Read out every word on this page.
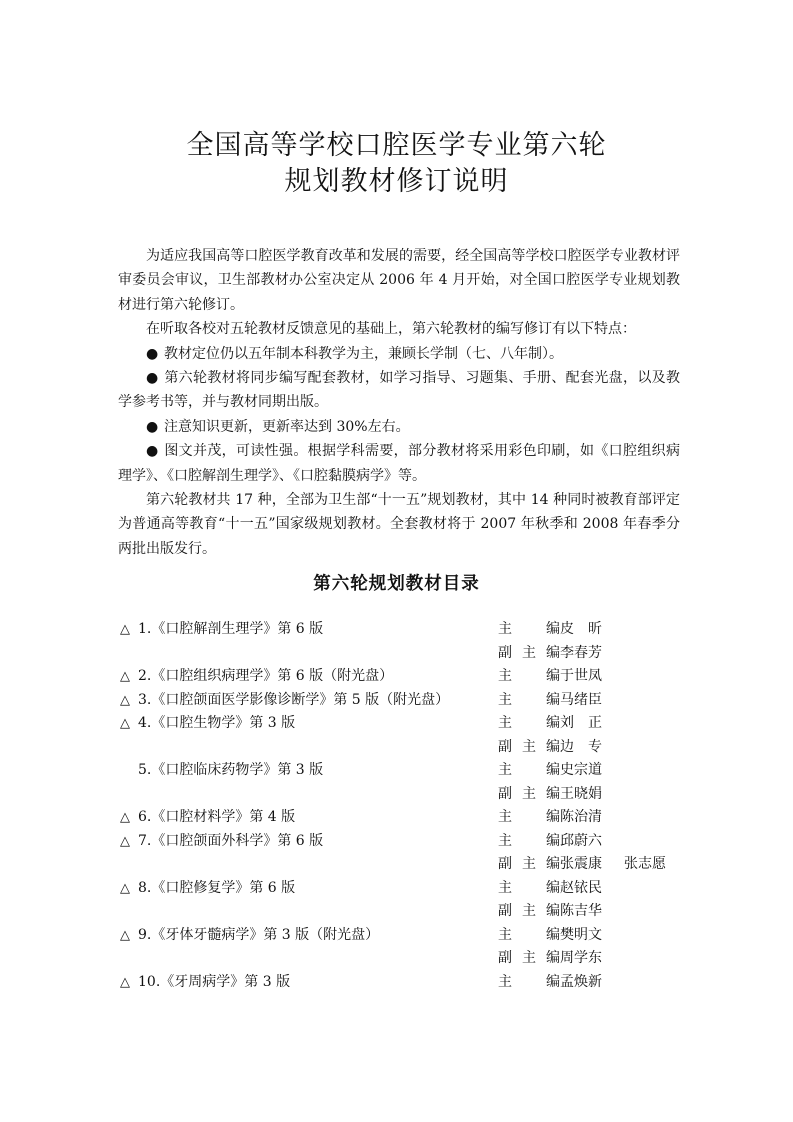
全国高等学校口腔医学专业第六轮
规划教材修订说明

为适应我国高等口腔医学教育改革和发展的需要，经全国高等学校口腔医学专业教材评审委员会审议，卫生部教材办公室决定从 2006 年 4 月开始，对全国口腔医学专业规划教材进行第六轮修订。

在听取各校对五轮教材反馈意见的基础上，第六轮教材的编写修订有以下特点：

● 教材定位仍以五年制本科教学为主，兼顾长学制（七、八年制）。

● 第六轮教材将同步编写配套教材，如学习指导、习题集、手册、配套光盘，以及教学参考书等，并与教材同期出版。

● 注意知识更新，更新率达到 30%左右。

● 图文并茂，可读性强。根据学科需要，部分教材将采用彩色印刷，如《口腔组织病理学》、《口腔解剖生理学》、《口腔黏膜病学》等。

第六轮教材共 17 种，全部为卫生部“十一五”规划教材，其中 14 种同时被教育部评定为普通高等教育“十一五”国家级规划教材。全套教材将于 2007 年秋季和 2008 年春季分两批出版发行。

第六轮规划教材目录
△ 1.《口腔解剖生理学》第 6 版	主　编 皮　昕
副主编 李春芳
△ 2.《口腔组织病理学》第 6 版（附光盘）	主　编 于世凤
△ 3.《口腔颌面医学影像诊断学》第 5 版（附光盘）	主　编 马绪臣
△ 4.《口腔生物学》第 3 版	主　编 刘　正
副主编 边　专
5.《口腔临床药物学》第 3 版	主　编 史宗道
副主编 王晓娟
△ 6.《口腔材料学》第 4 版	主　编 陈治清
△ 7.《口腔颌面外科学》第 6 版	主　编 邱蔚六
副主编 张震康 张志愿
△ 8.《口腔修复学》第 6 版	主　编 赵铱民
副主编 陈吉华
△ 9.《牙体牙髓病学》第 3 版（附光盘）	主　编 樊明文
副主编 周学东
△ 10.《牙周病学》第 3 版	主　编 孟焕新
